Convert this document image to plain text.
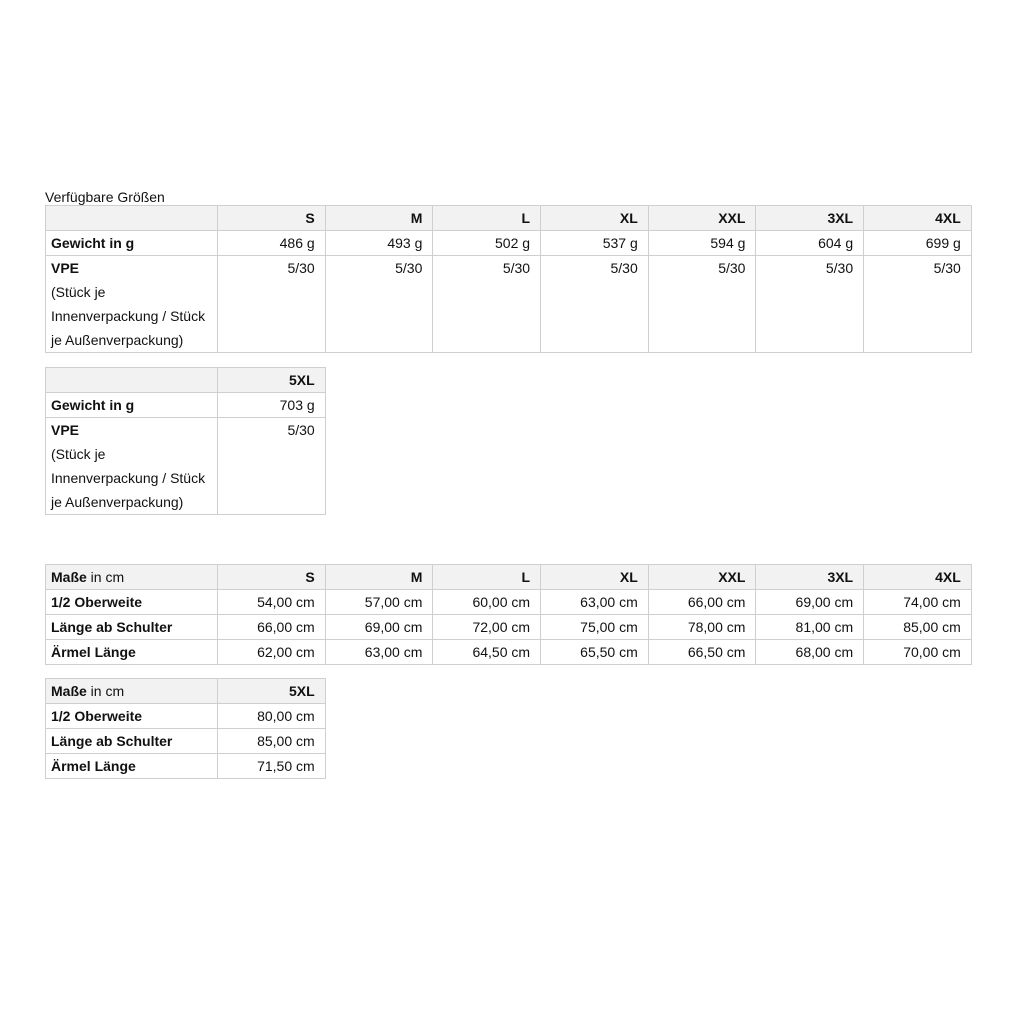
Verfügbare Größen
	S	M	L	XL	XXL	3XL	4XL
Gewicht in g	486 g	493 g	502 g	537 g	594 g	604 g	699 g
VPE
(Stück je
Innenverpackung / Stück
je Außenverpackung)	5/30	5/30	5/30	5/30	5/30	5/30	5/30
	5XL
Gewicht in g	703 g
VPE
(Stück je
Innenverpackung / Stück
je Außenverpackung)	5/30
Maße in cm	S	M	L	XL	XXL	3XL	4XL
1/2 Oberweite	54,00 cm	57,00 cm	60,00 cm	63,00 cm	66,00 cm	69,00 cm	74,00 cm
Länge ab Schulter	66,00 cm	69,00 cm	72,00 cm	75,00 cm	78,00 cm	81,00 cm	85,00 cm
Ärmel Länge	62,00 cm	63,00 cm	64,50 cm	65,50 cm	66,50 cm	68,00 cm	70,00 cm
Maße in cm	5XL
1/2 Oberweite	80,00 cm
Länge ab Schulter	85,00 cm
Ärmel Länge	71,50 cm
